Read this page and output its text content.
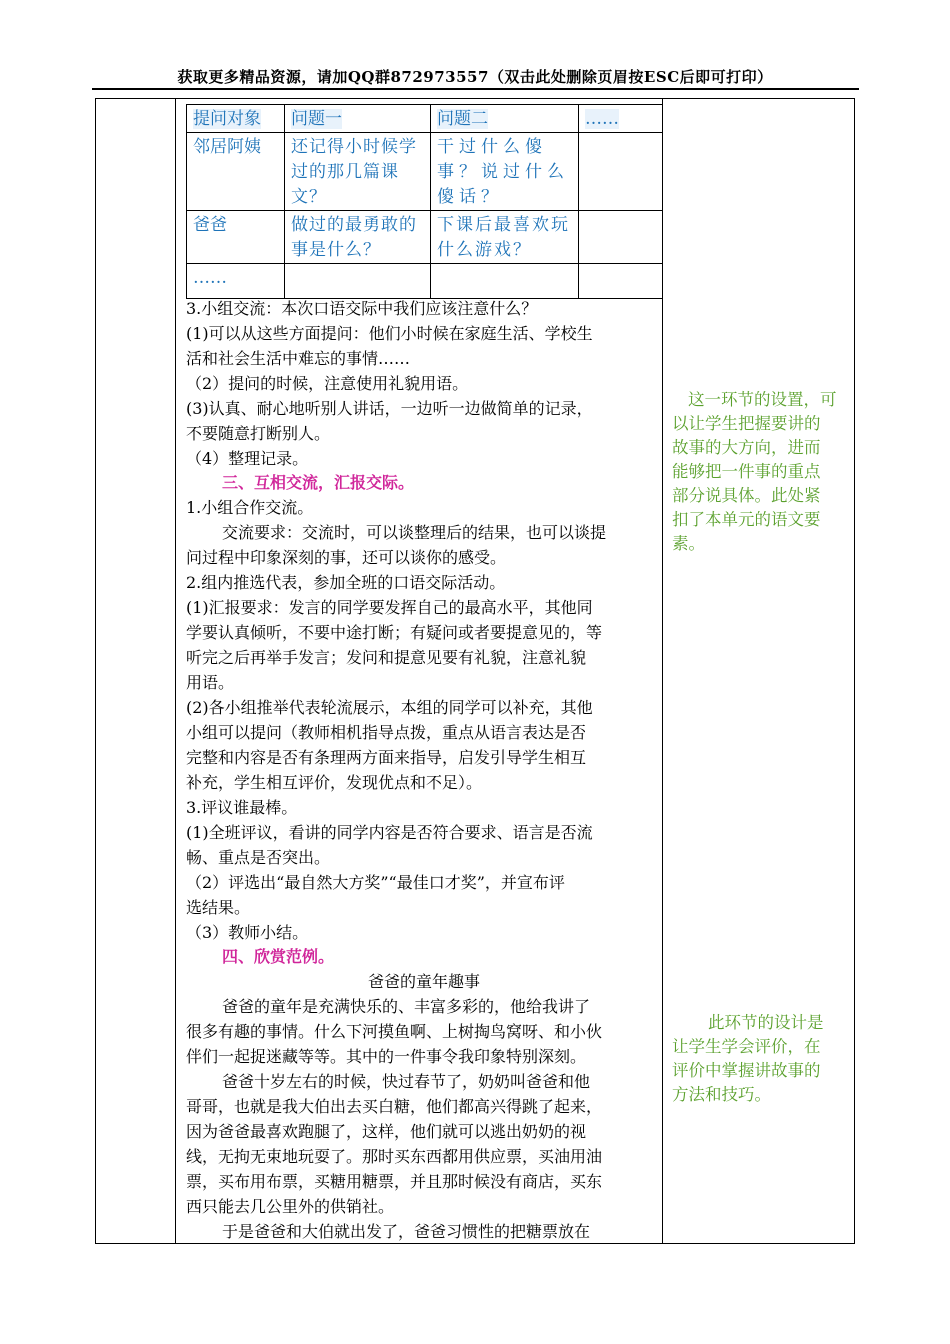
获取更多精品资源，请加QQ群872973557（双击此处删除页眉按ESC后即可打印）
提问对象	问题一	问题二	……
邻居阿姨	还记得小时候学过的那几篇课文？	干过什么傻事？说过什么傻话？	
爸爸	做过的最勇敢的事是什么？	下课后最喜欢玩什么游戏？	
……			
3.小组交流：本次口语交际中我们应该注意什么？
(1)可以从这些方面提问：他们小时候在家庭生活、学校生
活和社会生活中难忘的事情……
（2）提问的时候，注意使用礼貌用语。
(3)认真、耐心地听别人讲话，一边听一边做简单的记录，
不要随意打断别人。
（4）整理记录。
三、互相交流，汇报交际。
1.小组合作交流。
交流要求：交流时，可以谈整理后的结果，也可以谈提
问过程中印象深刻的事，还可以谈你的感受。
2.组内推选代表，参加全班的口语交际活动。
(1)汇报要求：发言的同学要发挥自己的最高水平，其他同
学要认真倾听，不要中途打断；有疑问或者要提意见的，等
听完之后再举手发言；发问和提意见要有礼貌，注意礼貌
用语。
(2)各小组推举代表轮流展示，本组的同学可以补充，其他
小组可以提问（教师相机指导点拨，重点从语言表达是否
完整和内容是否有条理两方面来指导，启发引导学生相互
补充，学生相互评价，发现优点和不足）。
3.评议谁最棒。
(1)全班评议，看讲的同学内容是否符合要求、语言是否流
畅、重点是否突出。
（2）评选出“最自然大方奖”“最佳口才奖”，并宣布评
选结果。
（3）教师小结。
四、欣赏范例。
爸爸的童年趣事
爸爸的童年是充满快乐的、丰富多彩的，他给我讲了
很多有趣的事情。什么下河摸鱼啊、上树掏鸟窝呀、和小伙
伴们一起捉迷藏等等。其中的一件事令我印象特别深刻。
爸爸十岁左右的时候，快过春节了，奶奶叫爸爸和他
哥哥，也就是我大伯出去买白糖，他们都高兴得跳了起来，
因为爸爸最喜欢跑腿了，这样，他们就可以逃出奶奶的视
线，无拘无束地玩耍了。那时买东西都用供应票，买油用油
票，买布用布票，买糖用糖票，并且那时候没有商店，买东
西只能去几公里外的供销社。
于是爸爸和大伯就出发了，爸爸习惯性的把糖票放在
这一环节的设置，可
以让学生把握要讲的
故事的大方向，进而
能够把一件事的重点
部分说具体。此处紧
扣了本单元的语文要
素。
此环节的设计是
让学生学会评价，在
评价中掌握讲故事的
方法和技巧。
